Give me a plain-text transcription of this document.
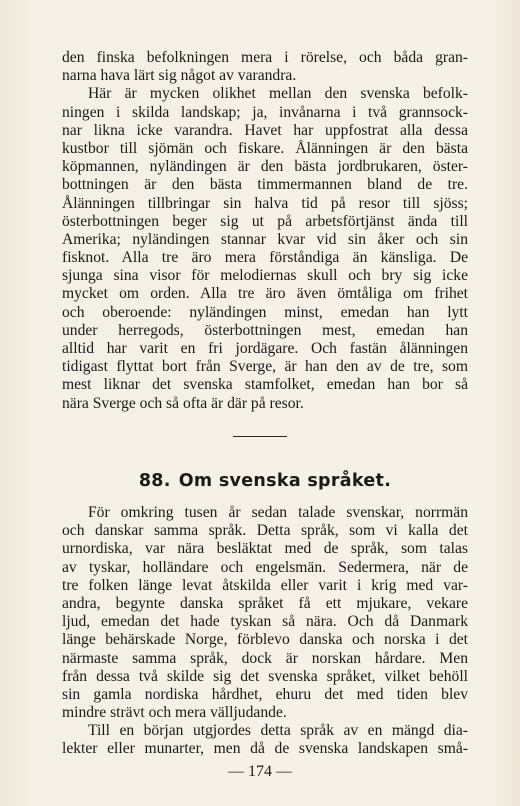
den finska befolkningen mera i rörelse, och båda gran-
narna hava lärt sig något av varandra.
Här är mycken olikhet mellan den svenska befolk-
ningen i skilda landskap; ja, invånarna i två grannsock-
nar likna icke varandra. Havet har uppfostrat alla dessa
kustbor till sjömän och fiskare. Ålänningen är den bästa
köpmannen, nyländingen är den bästa jordbrukaren, öster-
bottningen är den bästa timmermannen bland de tre.
Ålänningen tillbringar sin halva tid på resor till sjöss;
österbottningen beger sig ut på arbetsförtjänst ända till
Amerika; nyländingen stannar kvar vid sin åker och sin
fisknot. Alla tre äro mera förståndiga än känsliga. De
sjunga sina visor för melodiernas skull och bry sig icke
mycket om orden. Alla tre äro även ömtåliga om frihet
och oberoende: nyländingen minst, emedan han lytt
under herregods, österbottningen mest, emedan han
alltid har varit en fri jordägare. Och fastän ålänningen
tidigast flyttat bort från Sverge, är han den av de tre, som
mest liknar det svenska stamfolket, emedan han bor så
nära Sverge och så ofta är där på resor.
88. Om svenska språket.
För omkring tusen år sedan talade svenskar, norrmän
och danskar samma språk. Detta språk, som vi kalla det
urnordiska, var nära besläktat med de språk, som talas
av tyskar, holländare och engelsmän. Sedermera, när de
tre folken länge levat åtskilda eller varit i krig med var-
andra, begynte danska språket få ett mjukare, vekare
ljud, emedan det hade tyskan så nära. Och då Danmark
länge behärskade Norge, förblevo danska och norska i det
närmaste samma språk, dock är norskan hårdare. Men
från dessa två skilde sig det svenska språket, vilket behöll
sin gamla nordiska hårdhet, ehuru det med tiden blev
mindre strävt och mera välljudande.
Till en början utgjordes detta språk av en mängd dia-
lekter eller munarter, men då de svenska landskapen små-
— 174 —
